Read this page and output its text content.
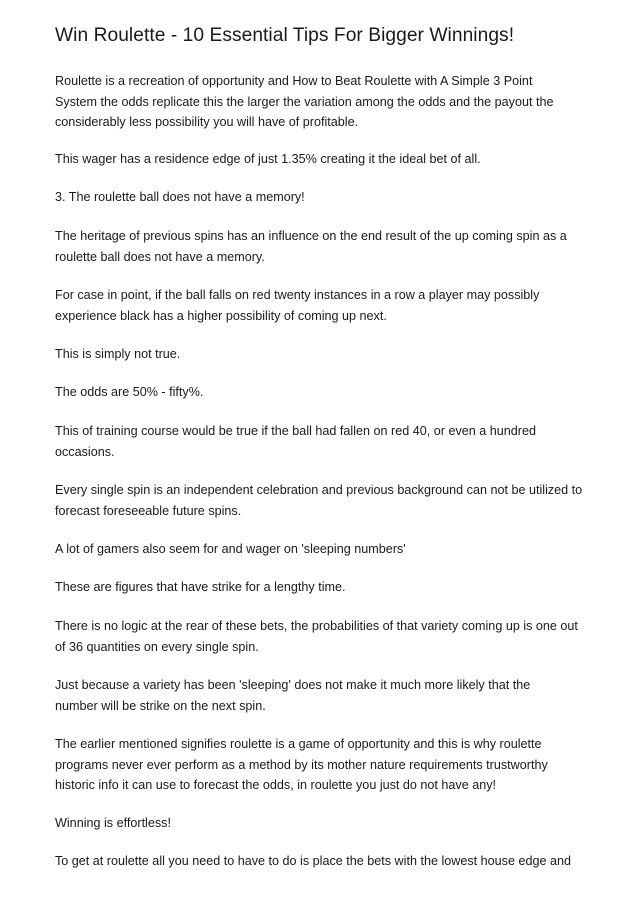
Win Roulette - 10 Essential Tips For Bigger Winnings!

Roulette is a recreation of opportunity and How to Beat Roulette with A Simple 3 Point System the odds replicate this the larger the variation among the odds and the payout the considerably less possibility you will have of profitable.

This wager has a residence edge of just 1.35% creating it the ideal bet of all.

3. The roulette ball does not have a memory!

The heritage of previous spins has an influence on the end result of the up coming spin as a roulette ball does not have a memory.

For case in point, if the ball falls on red twenty instances in a row a player may possibly experience black has a higher possibility of coming up next.

This is simply not true.

The odds are 50% - fifty%.

This of training course would be true if the ball had fallen on red 40, or even a hundred occasions.

Every single spin is an independent celebration and previous background can not be utilized to forecast foreseeable future spins.

A lot of gamers also seem for and wager on 'sleeping numbers'

These are figures that have strike for a lengthy time.

There is no logic at the rear of these bets, the probabilities of that variety coming up is one out of 36 quantities on every single spin.

Just because a variety has been 'sleeping' does not make it much more likely that the number will be strike on the next spin.

The earlier mentioned signifies roulette is a game of opportunity and this is why roulette programs never ever perform as a method by its mother nature requirements trustworthy historic info it can use to forecast the odds, in roulette you just do not have any!

Winning is effortless!

To get at roulette all you need to have to do is place the bets with the lowest house edge and
